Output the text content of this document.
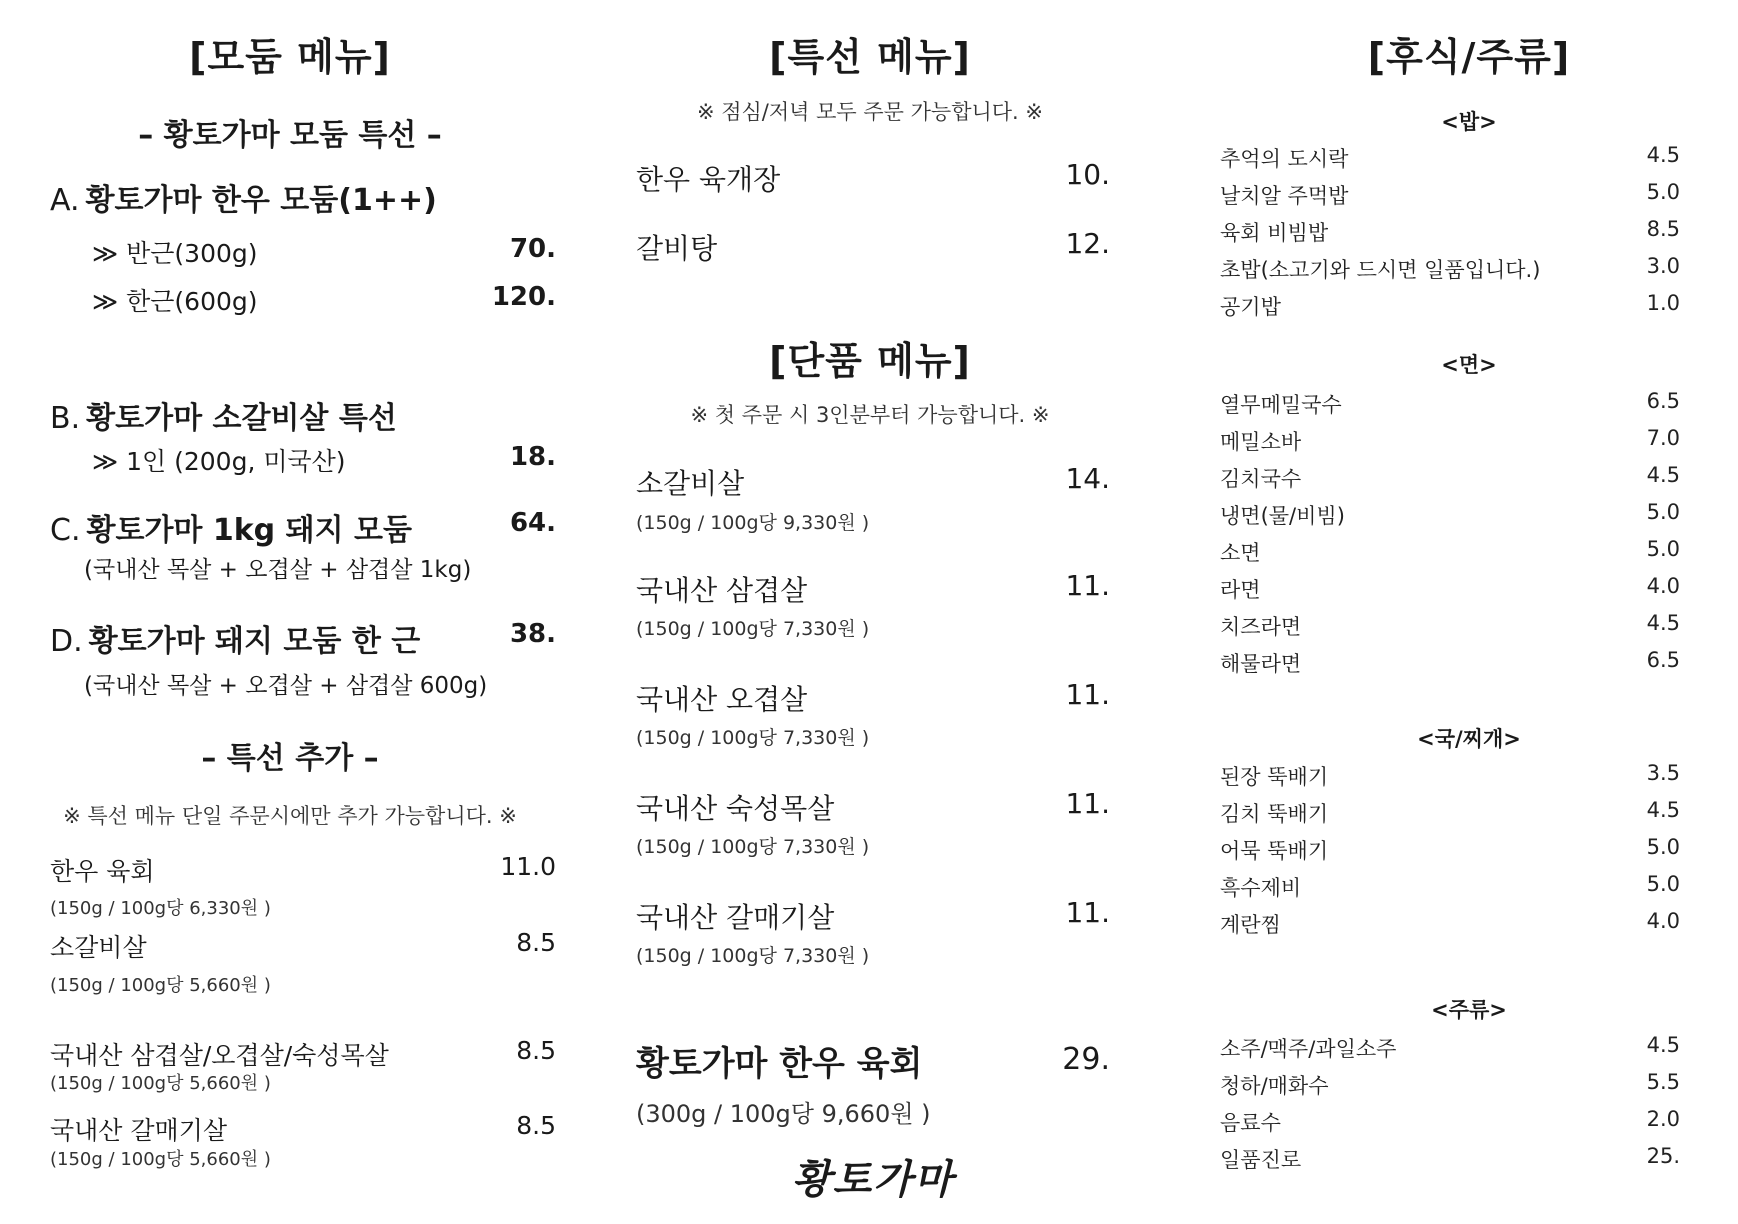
[모둠 메뉴]
– 황토가마 모둠 특선 –
A. 황토가마 한우 모둠(1++)
≫ 반근(300g)	70.
≫ 한근(600g)	120.
B. 황토가마 소갈비살 특선
≫ 1인 (200g, 미국산)	18.
C. 황토가마 1kg 돼지 모둠	64.
(국내산 목살 + 오겹살 + 삼겹살 1kg)
D. 황토가마 돼지 모둠 한 근	38.
(국내산 목살 + 오겹살 + 삼겹살 600g)
– 특선 추가 –
※ 특선 메뉴 단일 주문시에만 추가 가능합니다. ※
한우 육회	11.0
(150g / 100g당 6,330원 )
소갈비살	8.5
(150g / 100g당 5,660원 )
국내산 삼겹살/오겹살/숙성목살	8.5
(150g / 100g당 5,660원 )
국내산 갈매기살	8.5
(150g / 100g당 5,660원 )
[특선 메뉴]
※ 점심/저녁 모두 주문 가능합니다. ※
한우 육개장	10.
갈비탕	12.
[단품 메뉴]
※ 첫 주문 시 3인분부터 가능합니다. ※
소갈비살	14.
(150g / 100g당 9,330원 )
국내산 삼겹살	11.
(150g / 100g당 7,330원 )
국내산 오겹살	11.
(150g / 100g당 7,330원 )
국내산 숙성목살	11.
(150g / 100g당 7,330원 )
국내산 갈매기살	11.
(150g / 100g당 7,330원 )
황토가마 한우 육회	29.
(300g / 100g당 9,660원 )
황토가마
[후식/주류]
<밥>
추억의 도시락	4.5
날치알 주먹밥	5.0
육회 비빔밥	8.5
초밥(소고기와 드시면 일품입니다.)	3.0
공기밥	1.0
<면>
열무메밀국수	6.5
메밀소바	7.0
김치국수	4.5
냉면(물/비빔)	5.0
소면	5.0
라면	4.0
치즈라면	4.5
해물라면	6.5
<국/찌개>
된장 뚝배기	3.5
김치 뚝배기	4.5
어묵 뚝배기	5.0
흑수제비	5.0
계란찜	4.0
<주류>
소주/맥주/과일소주	4.5
청하/매화수	5.5
음료수	2.0
일품진로	25.
